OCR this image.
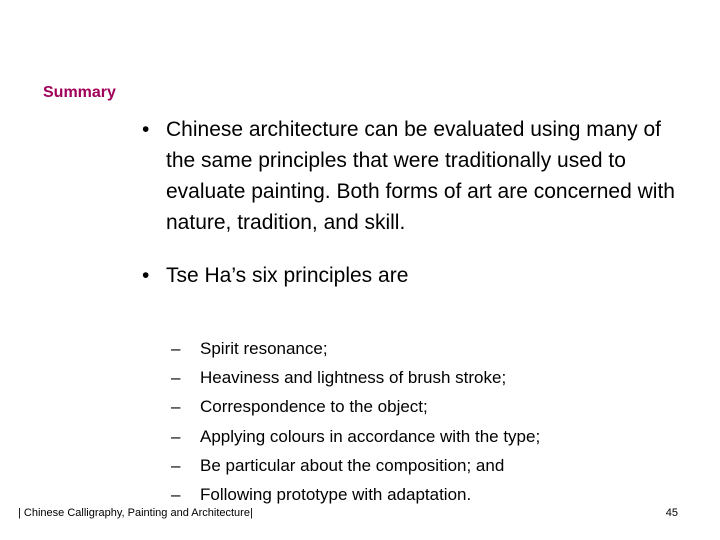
Summary
• Chinese architecture can be evaluated using many of the same principles that were traditionally used to evaluate painting. Both forms of art are concerned with nature, tradition, and skill.
• Tse Ha’s six principles are
– Spirit resonance;
– Heaviness and lightness of brush stroke;
– Correspondence to the object;
– Applying colours in accordance with the type;
– Be particular about the composition; and
– Following prototype with adaptation.
| Chinese Calligraphy, Painting and Architecture|	45
